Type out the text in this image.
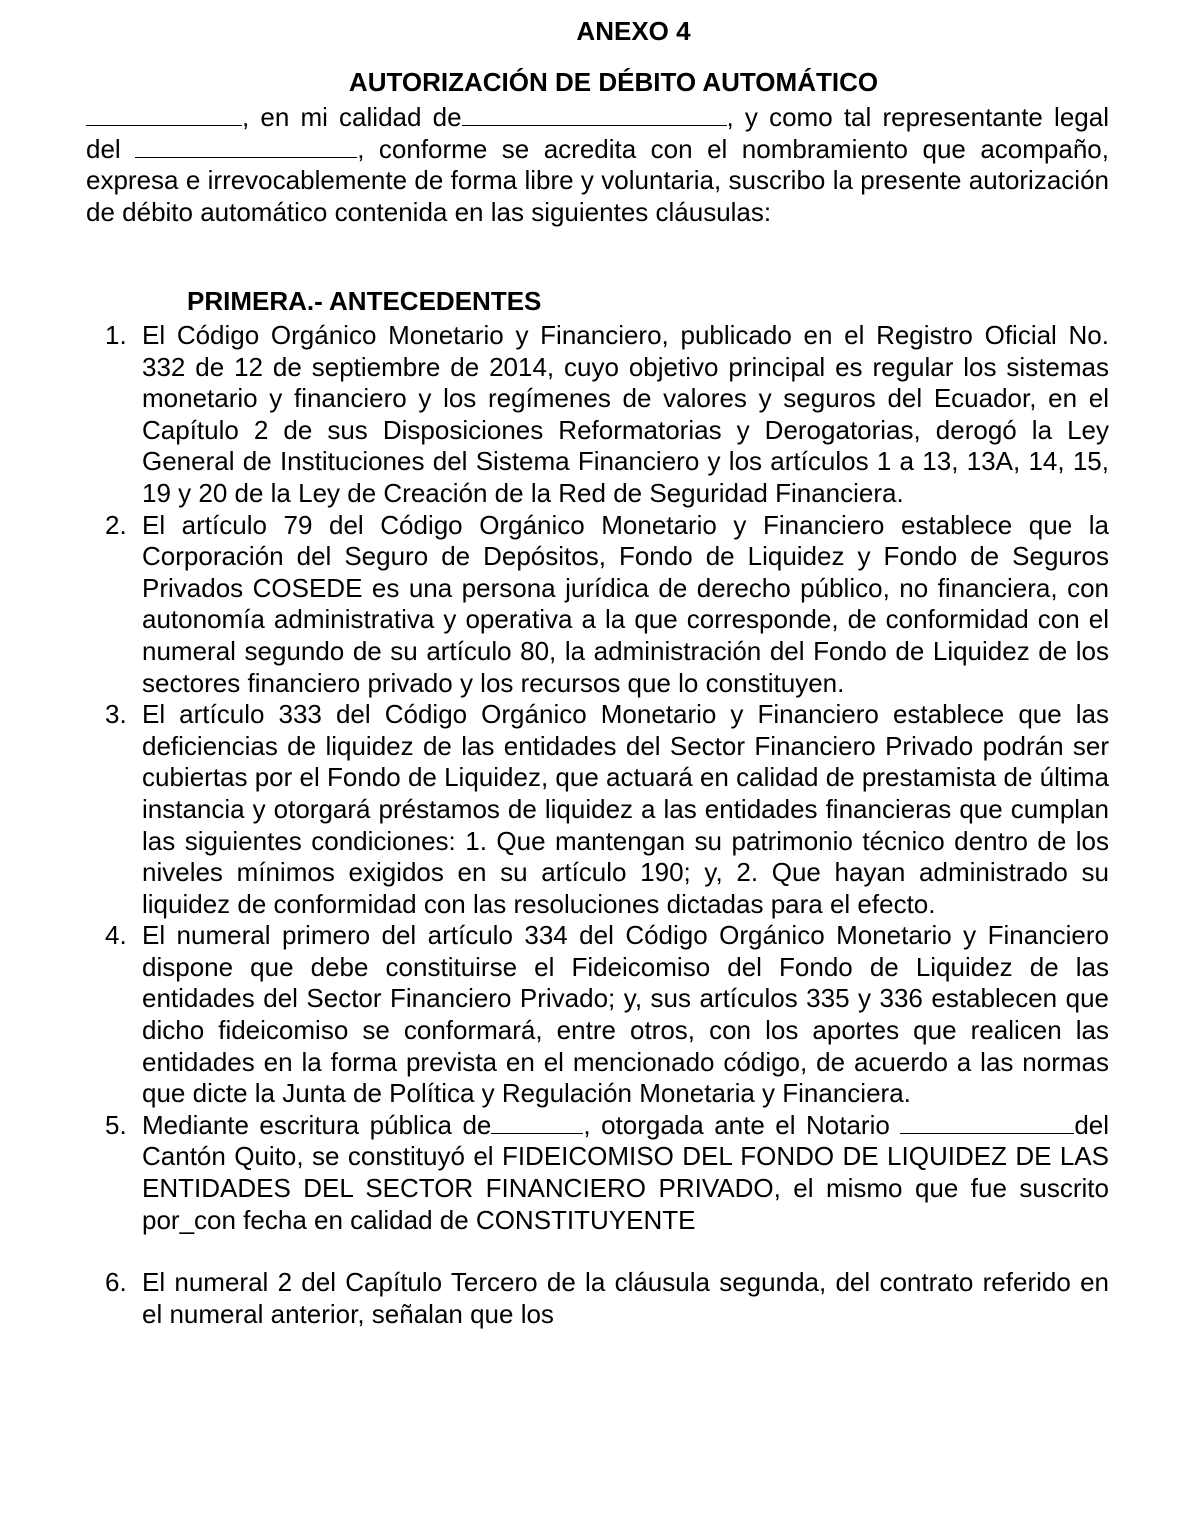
ANEXO 4
AUTORIZACIÓN DE DÉBITO AUTOMÁTICO

, en mi calidad de	, y como tal representante legal del	, conforme se acredita con el nombramiento que acompaño, expresa e irrevocablemente de forma libre y voluntaria, suscribo la presente autorización de débito automático contenida en las siguientes cláusulas:

PRIMERA.- ANTECEDENTES
1. El Código Orgánico Monetario y Financiero, publicado en el Registro Oficial No. 332 de 12 de septiembre de 2014, cuyo objetivo principal es regular los sistemas monetario y financiero y los regímenes de valores y seguros del Ecuador, en el Capítulo 2 de sus Disposiciones Reformatorias y Derogatorias, derogó la Ley General de Instituciones del Sistema Financiero y los artículos 1 a 13, 13A, 14, 15, 19 y 20 de la Ley de Creación de la Red de Seguridad Financiera.
2. El artículo 79 del Código Orgánico Monetario y Financiero establece que la Corporación del Seguro de Depósitos, Fondo de Liquidez y Fondo de Seguros Privados COSEDE es una persona jurídica de derecho público, no financiera, con autonomía administrativa y operativa a la que corresponde, de conformidad con el numeral segundo de su artículo 80, la administración del Fondo de Liquidez de los sectores financiero privado y los recursos que lo constituyen.
3. El artículo 333 del Código Orgánico Monetario y Financiero establece que las deficiencias de liquidez de las entidades del Sector Financiero Privado podrán ser cubiertas por el Fondo de Liquidez, que actuará en calidad de prestamista de última instancia y otorgará préstamos de liquidez a las entidades financieras que cumplan las siguientes condiciones: 1. Que mantengan su patrimonio técnico dentro de los niveles mínimos exigidos en su artículo 190; y, 2. Que hayan administrado su liquidez de conformidad con las resoluciones dictadas para el efecto.
4. El numeral primero del artículo 334 del Código Orgánico Monetario y Financiero dispone que debe constituirse el Fideicomiso del Fondo de Liquidez de las entidades del Sector Financiero Privado; y, sus artículos 335 y 336 establecen que dicho fideicomiso se conformará, entre otros, con los aportes que realicen las entidades en la forma prevista en el mencionado código, de acuerdo a las normas que dicte la Junta de Política y Regulación Monetaria y Financiera.
5. Mediante escritura pública de	, otorgada ante el Notario	del Cantón Quito, se constituyó el FIDEICOMISO DEL FONDO DE LIQUIDEZ DE LAS ENTIDADES DEL SECTOR FINANCIERO PRIVADO, el mismo que fue suscrito por_con fecha en calidad de CONSTITUYENTE
6. El numeral 2 del Capítulo Tercero de la cláusula segunda, del contrato referido en el numeral anterior, señalan que los
